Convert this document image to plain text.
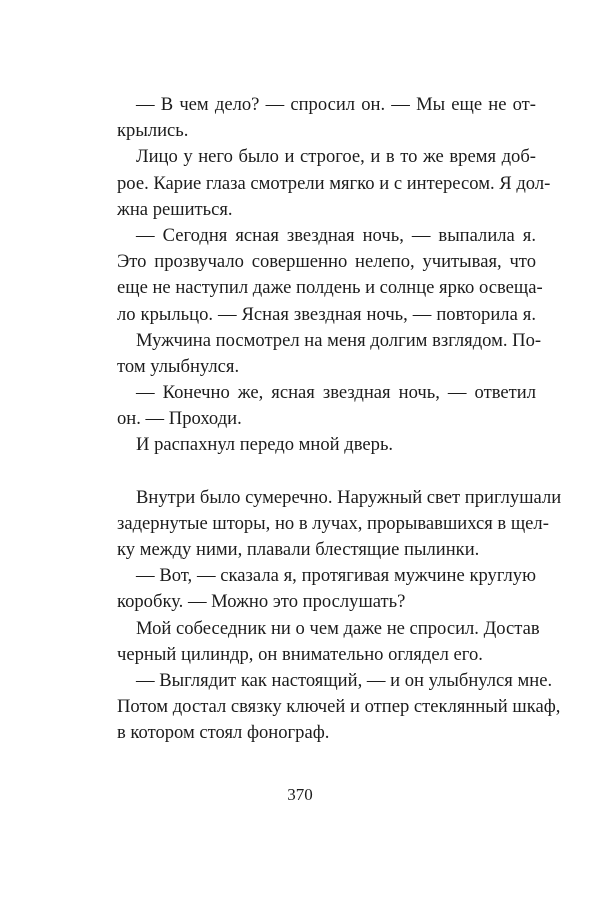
— В чем дело? — спросил он. — Мы еще не от-
крылись.
Лицо у него было и строгое, и в то же время доб-
рое. Карие глаза смотрели мягко и с интересом. Я дол-
жна решиться.
— Сегодня ясная звездная ночь, — выпалила я.
Это прозвучало совершенно нелепо, учитывая, что
еще не наступил даже полдень и солнце ярко освеща-
ло крыльцо. — Ясная звездная ночь, — повторила я.
Мужчина посмотрел на меня долгим взглядом. По-
том улыбнулся.
— Конечно же, ясная звездная ночь, — ответил
он. — Проходи.
И распахнул передо мной дверь.
Внутри было сумеречно. Наружный свет приглушали
задернутые шторы, но в лучах, прорывавшихся в щел-
ку между ними, плавали блестящие пылинки.
— Вот, — сказала я, протягивая мужчине круглую
коробку. — Можно это прослушать?
Мой собеседник ни о чем даже не спросил. Достав
черный цилиндр, он внимательно оглядел его.
— Выглядит как настоящий, — и он улыбнулся мне.
Потом достал связку ключей и отпер стеклянный шкаф,
в котором стоял фонограф.
370
